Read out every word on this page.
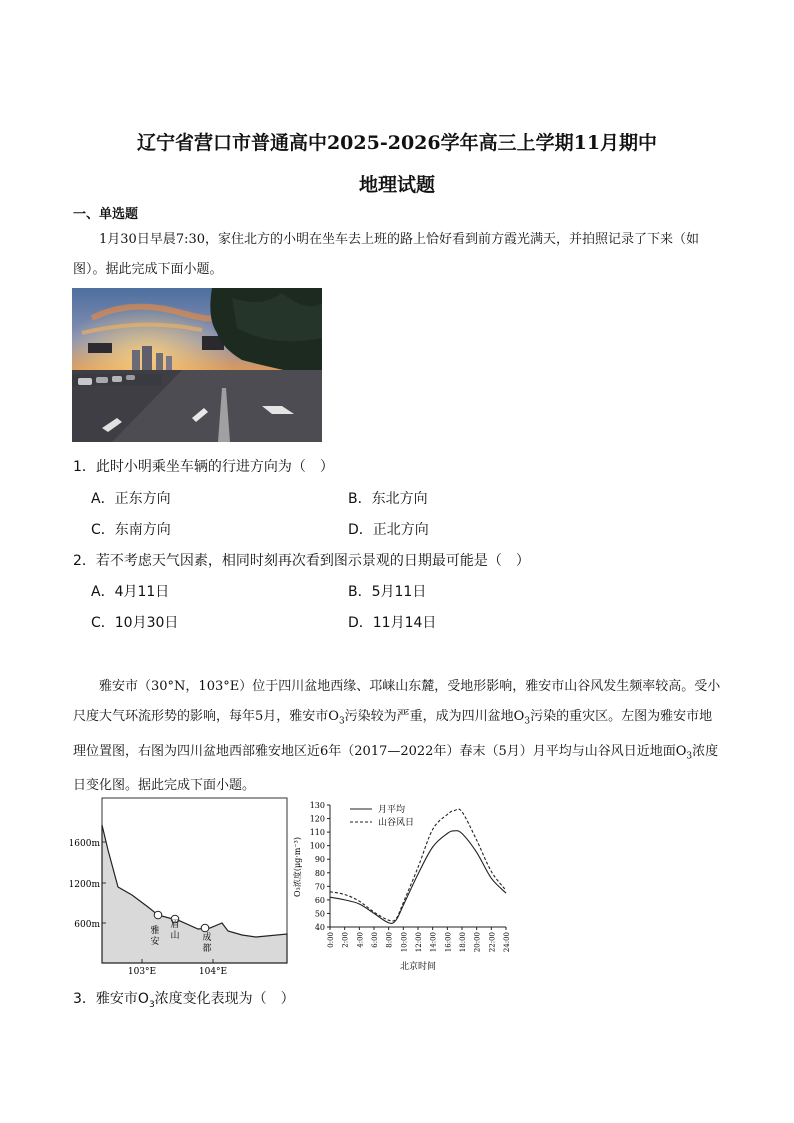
辽宁省营口市普通高中2025-2026学年高三上学期11月期中
地理试题
一、单选题
1月30日早晨7:30，家住北方的小明在坐车去上班的路上恰好看到前方霞光满天，并拍照记录了下来（如图）。据此完成下面小题。
1．此时小明乘坐车辆的行进方向为（　）
A．正东方向	B．东北方向
C．东南方向	D．正北方向
2．若不考虑天气因素，相同时刻再次看到图示景观的日期最可能是（　）
A．4月11日	B．5月11日
C．10月30日	D．11月14日
雅安市（30°N，103°E）位于四川盆地西缘、邛崃山东麓，受地形影响，雅安市山谷风发生频率较高。受小尺度大气环流形势的影响，每年5月，雅安市$O_3$污染较为严重，成为四川盆地$O_3$污染的重灾区。左图为雅安市地理位置图，右图为四川盆地西部雅安地区近6年（2017—2022年）春末（5月）月平均与山谷风日近地面$O_3$浓度日变化图。据此完成下面小题。
1600m
1200m
600m
103°E	104°E
雅
安
眉
山	成
都
40
50
60
70
80
90
100
110
120
130
0:00 2:00 4:00 6:00 8:00 10:00 12:00 14:00 16:00 18:00 20:00 22:00 24:00
月平均
山谷风日
O₃浓度(μg·m⁻³)
北京时间
3．雅安市$O_3$浓度变化表现为（　）
